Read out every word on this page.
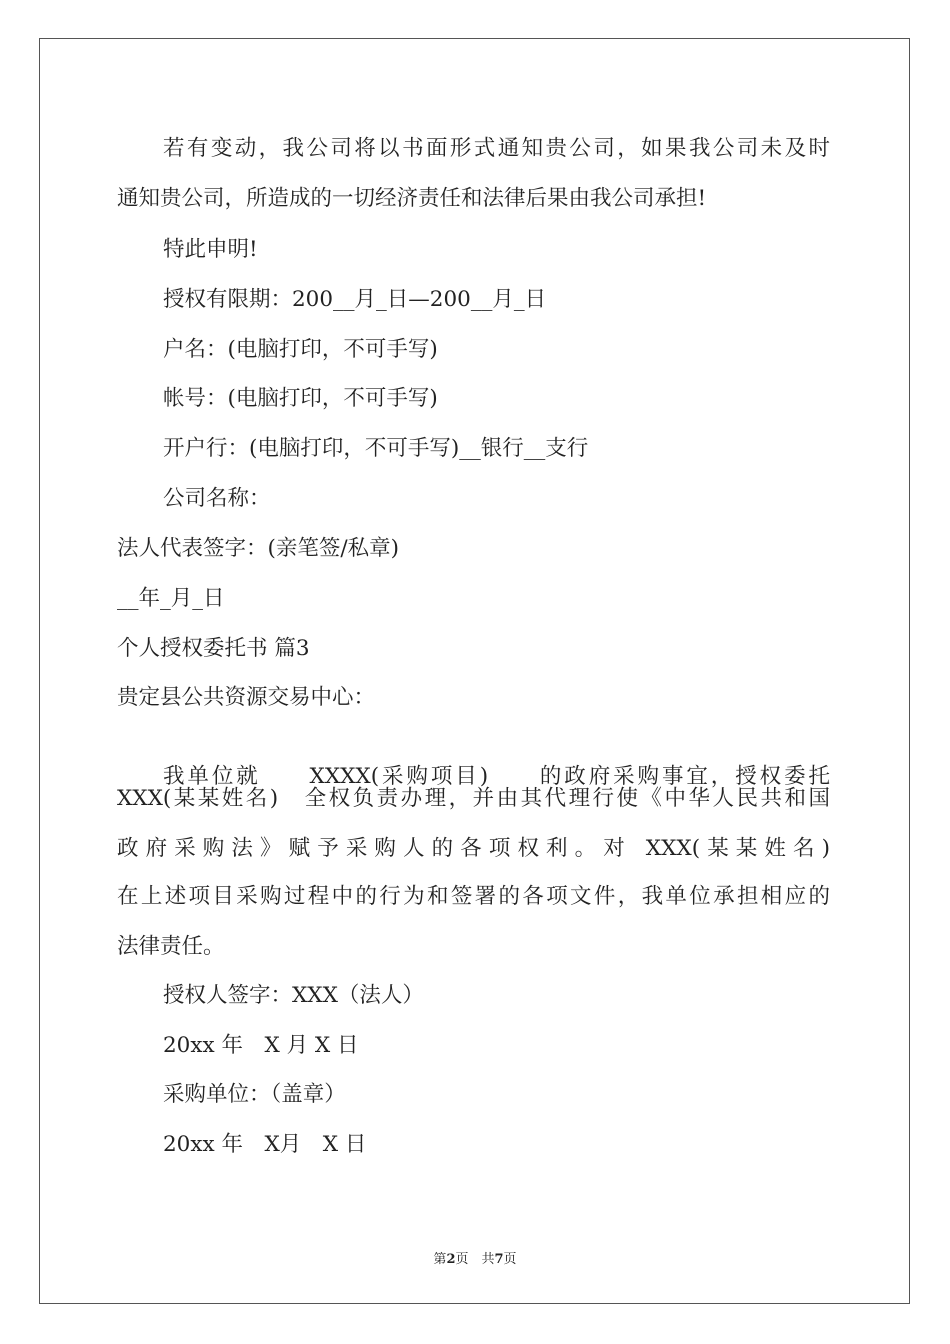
若有变动，我公司将以书面形式通知贵公司，如果我公司未及时
通知贵公司，所造成的一切经济责任和法律后果由我公司承担!
特此申明!
授权有限期：200__月_日—200__月_日
户名：(电脑打印，不可手写)
帐号：(电脑打印，不可手写)
开户行：(电脑打印，不可手写)__银行__支行
公司名称：
法人代表签字：(亲笔签/私章)
__年_月_日
个人授权委托书 篇3
贵定县公共资源交易中心：
我单位就　　XXXX(采购项目)　　的政府采购事宜，授权委托
XXX(某某姓名)　全权负责办理，并由其代理行使《中华人民共和国
政府采购法》赋予采购人的各项权利。对 XXX(某某姓名)
在上述项目采购过程中的行为和签署的各项文件，我单位承担相应的
法律责任。
授权人签字：XXX（法人）
20xx 年　X 月 X 日
采购单位：（盖章）
20xx 年　X月　X 日
第2页　共7页
